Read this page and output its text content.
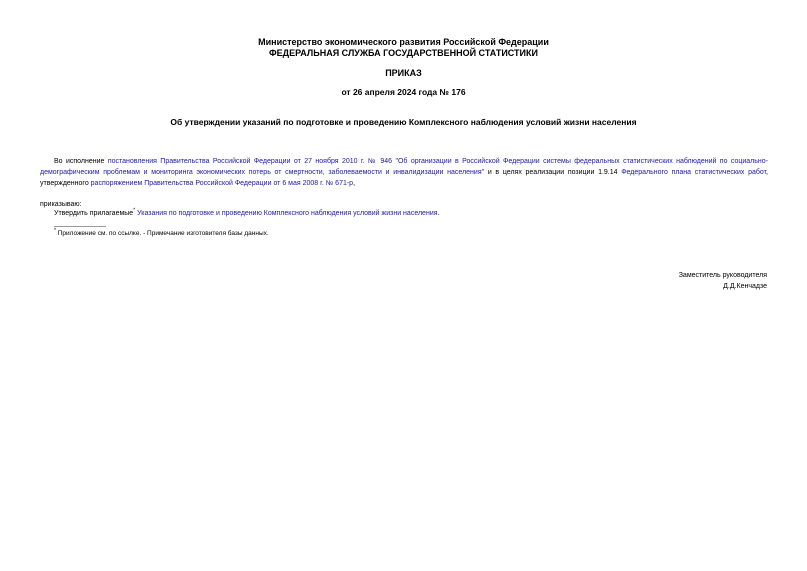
Министерство экономического развития Российской Федерации
ФЕДЕРАЛЬНАЯ СЛУЖБА ГОСУДАРСТВЕННОЙ СТАТИСТИКИ
ПРИКАЗ
от 26 апреля 2024 года № 176
Об утверждении указаний по подготовке и проведению Комплексного наблюдения условий жизни населения
Во исполнение постановления Правительства Российской Федерации от 27 ноября 2010 г. № 946 "Об организации в Российской Федерации системы федеральных статистических наблюдений по социально-демографическим проблемам и мониторинга экономических потерь от смертности, заболеваемости и инвалидизации населения" и в целях реализации позиции 1.9.14 Федерального плана статистических работ, утвержденного распоряжением Правительства Российской Федерации от 6 мая 2008 г. № 671-р,
приказываю:
Утвердить прилагаемые* Указания по подготовке и проведению Комплексного наблюдения условий жизни населения.
* Приложение см. по ссылке. - Примечание изготовителя базы данных.
Заместитель руководителя
Д.Д.Кенчадзе
